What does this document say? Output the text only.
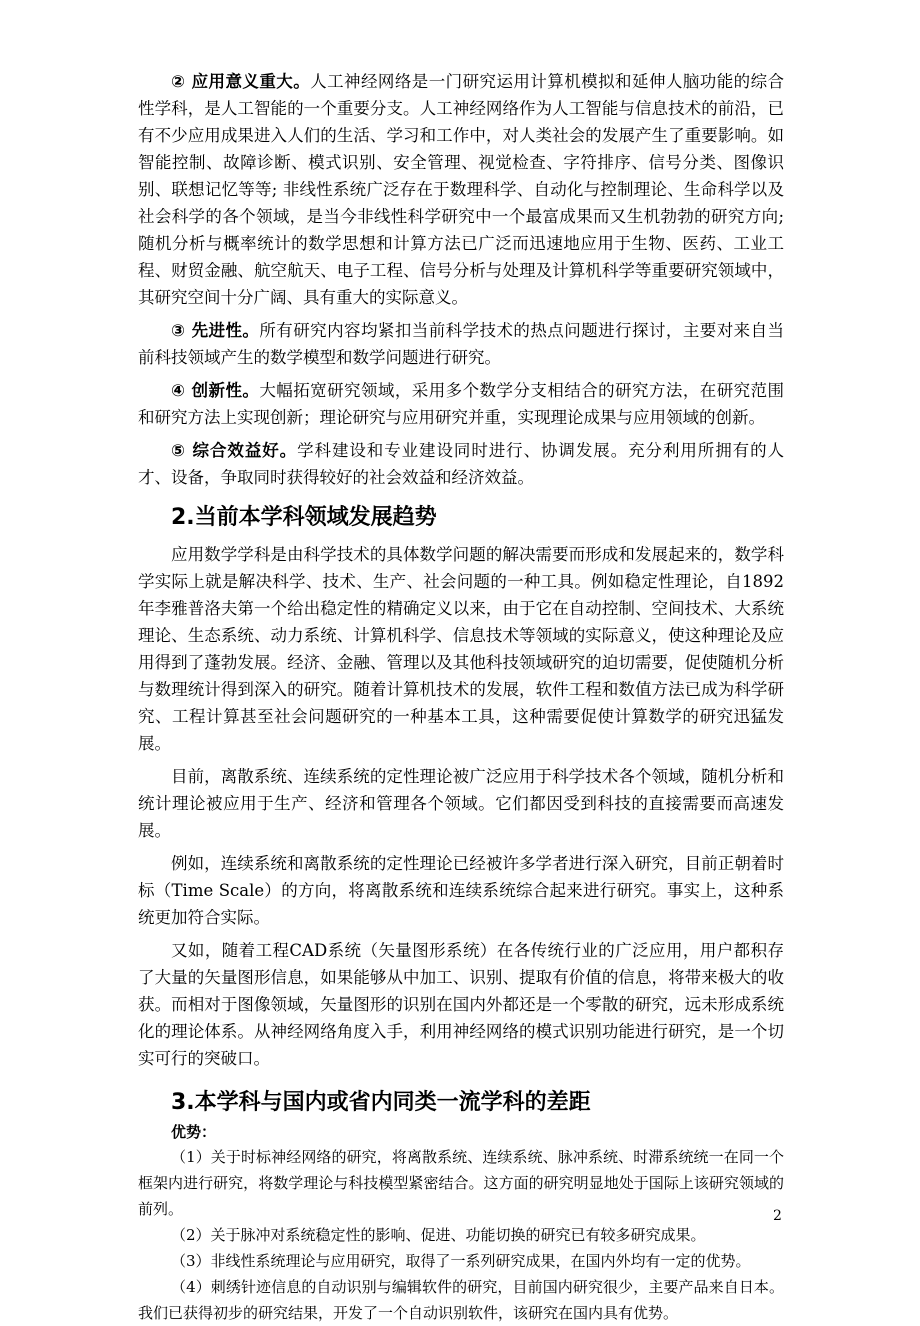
② 应用意义重大。人工神经网络是一门研究运用计算机模拟和延伸人脑功能的综合性学科，是人工智能的一个重要分支。人工神经网络作为人工智能与信息技术的前沿，已有不少应用成果进入人们的生活、学习和工作中，对人类社会的发展产生了重要影响。如智能控制、故障诊断、模式识别、安全管理、视觉检查、字符排序、信号分类、图像识别、联想记忆等等; 非线性系统广泛存在于数理科学、自动化与控制理论、生命科学以及社会科学的各个领域，是当今非线性科学研究中一个最富成果而又生机勃勃的研究方向; 随机分析与概率统计的数学思想和计算方法已广泛而迅速地应用于生物、医药、工业工程、财贸金融、航空航天、电子工程、信号分析与处理及计算机科学等重要研究领域中，其研究空间十分广阔、具有重大的实际意义。

③ 先进性。所有研究内容均紧扣当前科学技术的热点问题进行探讨，主要对来自当前科技领域产生的数学模型和数学问题进行研究。

④ 创新性。大幅拓宽研究领域，采用多个数学分支相结合的研究方法，在研究范围和研究方法上实现创新；理论研究与应用研究并重，实现理论成果与应用领域的创新。

⑤ 综合效益好。学科建设和专业建设同时进行、协调发展。充分利用所拥有的人才、设备，争取同时获得较好的社会效益和经济效益。

2.当前本学科领域发展趋势

应用数学学科是由科学技术的具体数学问题的解决需要而形成和发展起来的，数学科学实际上就是解决科学、技术、生产、社会问题的一种工具。例如稳定性理论，自1892年李雅普洛夫第一个给出稳定性的精确定义以来，由于它在自动控制、空间技术、大系统理论、生态系统、动力系统、计算机科学、信息技术等领域的实际意义，使这种理论及应用得到了蓬勃发展。经济、金融、管理以及其他科技领域研究的迫切需要，促使随机分析与数理统计得到深入的研究。随着计算机技术的发展，软件工程和数值方法已成为科学研究、工程计算甚至社会问题研究的一种基本工具，这种需要促使计算数学的研究迅猛发展。

目前，离散系统、连续系统的定性理论被广泛应用于科学技术各个领域，随机分析和统计理论被应用于生产、经济和管理各个领域。它们都因受到科技的直接需要而高速发展。

例如，连续系统和离散系统的定性理论已经被许多学者进行深入研究，目前正朝着时标（Time Scale）的方向，将离散系统和连续系统综合起来进行研究。事实上，这种系统更加符合实际。

又如，随着工程CAD系统（矢量图形系统）在各传统行业的广泛应用，用户都积存了大量的矢量图形信息，如果能够从中加工、识别、提取有价值的信息，将带来极大的收获。而相对于图像领域，矢量图形的识别在国内外都还是一个零散的研究，远未形成系统化的理论体系。从神经网络角度入手，利用神经网络的模式识别功能进行研究，是一个切实可行的突破口。

3.本学科与国内或省内同类一流学科的差距
优势：

（1）关于时标神经网络的研究，将离散系统、连续系统、脉冲系统、时滞系统统一在同一个框架内进行研究，将数学理论与科技模型紧密结合。这方面的研究明显地处于国际上该研究领域的前列。

（2）关于脉冲对系统稳定性的影响、促进、功能切换的研究已有较多研究成果。

（3）非线性系统理论与应用研究，取得了一系列研究成果，在国内外均有一定的优势。

（4）刺绣针迹信息的自动识别与编辑软件的研究，目前国内研究很少，主要产品来自日本。我们已获得初步的研究结果，开发了一个自动识别软件，该研究在国内具有优势。

2
